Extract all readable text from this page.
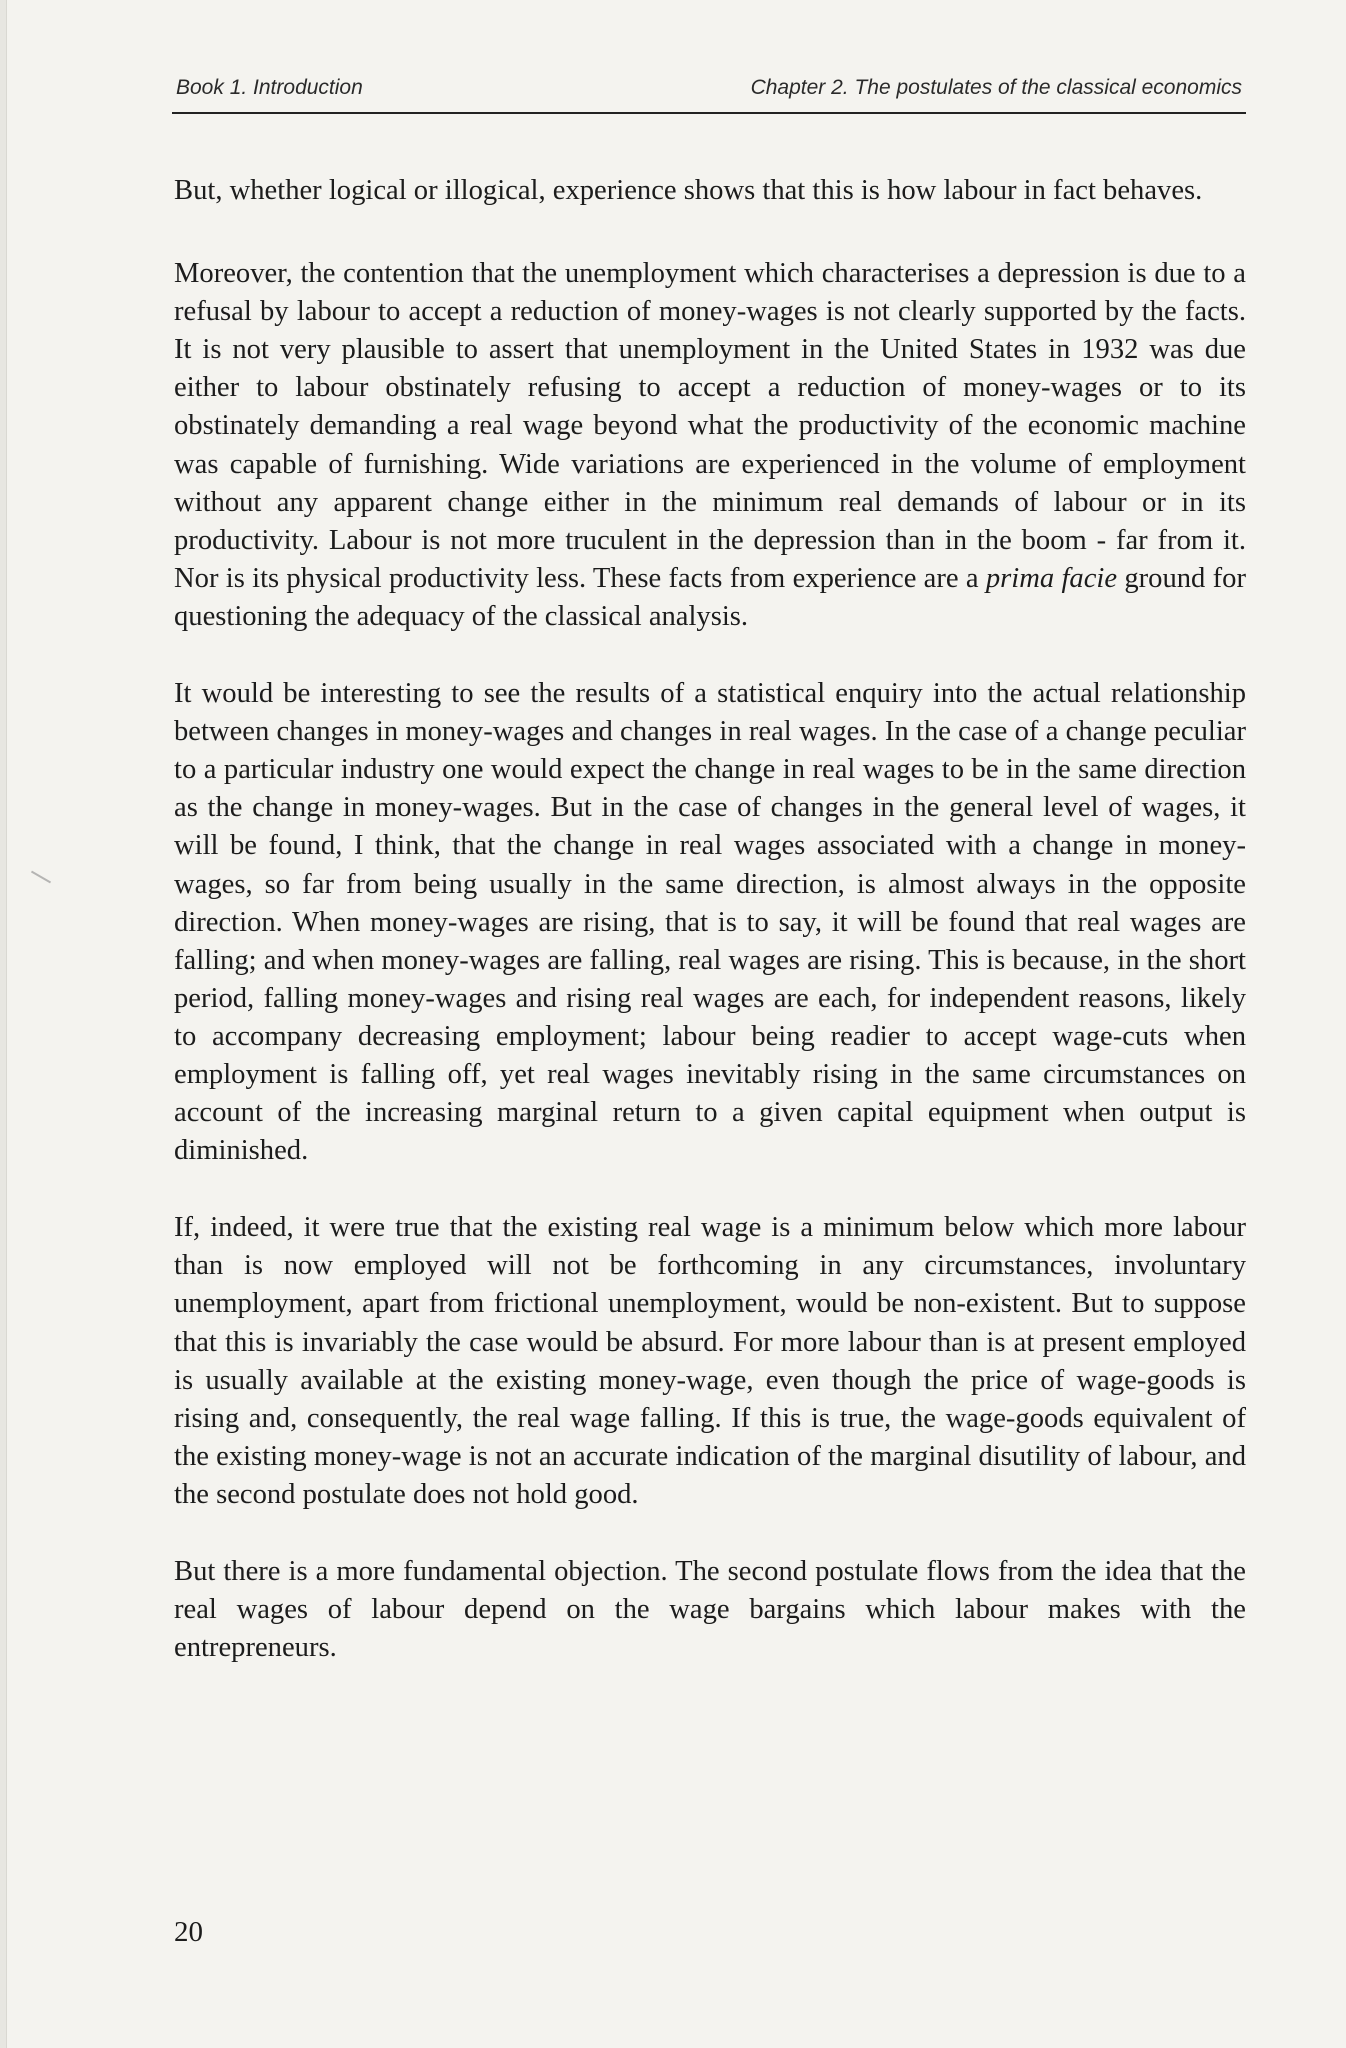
Book 1. Introduction	Chapter 2. The postulates of the classical economics

But, whether logical or illogical, experience shows that this is how labour in fact behaves.

Moreover, the contention that the unemployment which characterises a depression is due to a refusal by labour to accept a reduction of money-wages is not clearly supported by the facts. It is not very plausible to assert that unemployment in the United States in 1932 was due either to labour obstinately refusing to accept a reduction of money-wages or to its obstinately demanding a real wage beyond what the productivity of the economic machine was capable of furnishing. Wide variations are experienced in the volume of employment without any apparent change either in the minimum real demands of labour or in its productivity. Labour is not more truculent in the depression than in the boom - far from it. Nor is its physical productivity less. These facts from experience are a prima facie ground for questioning the adequacy of the classical analysis.

It would be interesting to see the results of a statistical enquiry into the actual relationship between changes in money-wages and changes in real wages. In the case of a change peculiar to a particular industry one would expect the change in real wages to be in the same direction as the change in money-wages. But in the case of changes in the general level of wages, it will be found, I think, that the change in real wages associated with a change in money-wages, so far from being usually in the same direction, is almost always in the opposite direction. When money-wages are rising, that is to say, it will be found that real wages are falling; and when money-wages are falling, real wages are rising. This is because, in the short period, falling money-wages and rising real wages are each, for independent reasons, likely to accompany decreasing employment; labour being readier to accept wage-cuts when employment is falling off, yet real wages inevitably rising in the same circumstances on account of the increasing marginal return to a given capital equipment when output is diminished.

If, indeed, it were true that the existing real wage is a minimum below which more labour than is now employed will not be forthcoming in any circumstances, involuntary unemployment, apart from frictional unemployment, would be non-existent. But to suppose that this is invariably the case would be absurd. For more labour than is at present employed is usually available at the existing money-wage, even though the price of wage-goods is rising and, consequently, the real wage falling. If this is true, the wage-goods equivalent of the existing money-wage is not an accurate indication of the marginal disutility of labour, and the second postulate does not hold good.

But there is a more fundamental objection. The second postulate flows from the idea that the real wages of labour depend on the wage bargains which labour makes with the entrepreneurs.

20
